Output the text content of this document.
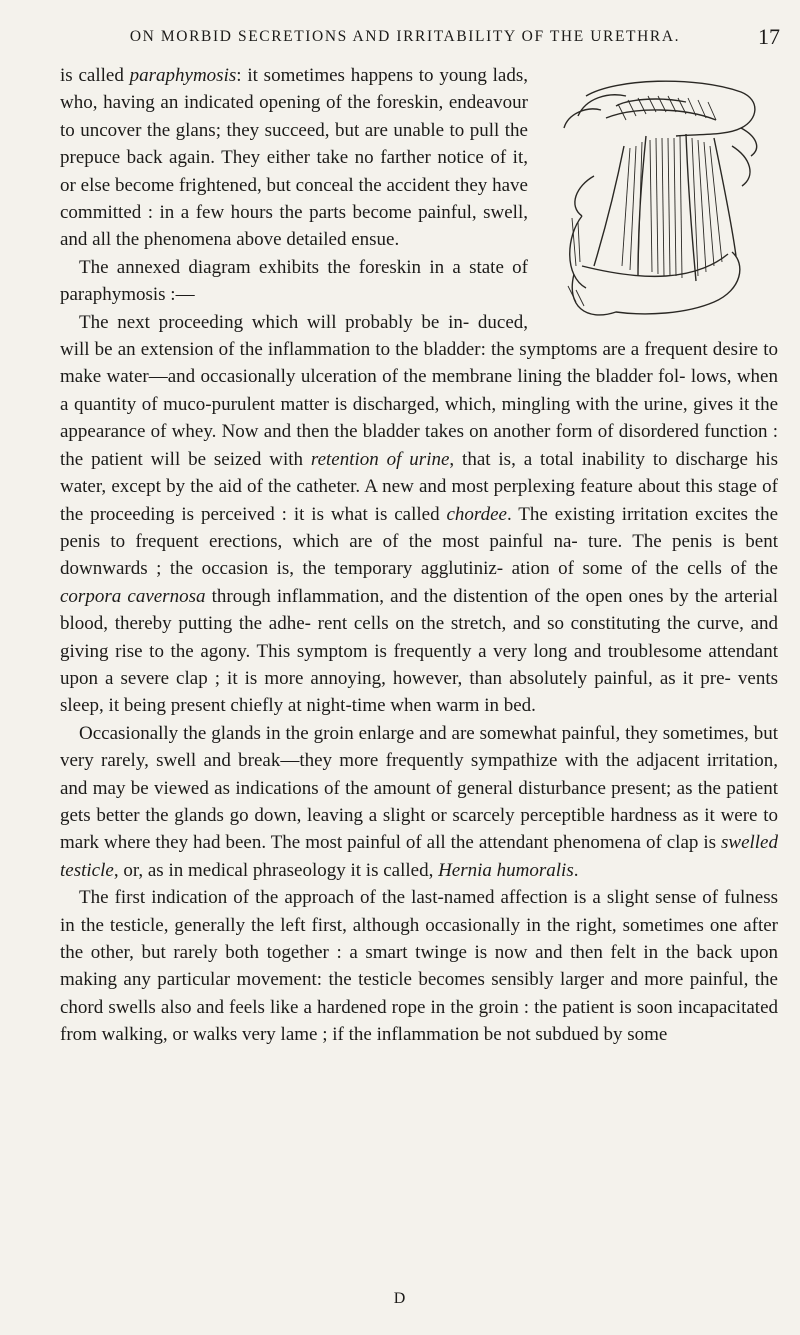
ON MORBID SECRETIONS AND IRRITABILITY OF THE URETHRA.	17

is called paraphymosis: it sometimes happens to young lads, who, having an indicated opening of the foreskin, endeavour to uncover the glans; they succeed, but are unable to pull the prepuce back again. They either take no farther notice of it, or else become frightened, but conceal the accident they have committed : in a few hours the parts become painful, swell, and all the phenomena above detailed ensue.

 The annexed diagram exhibits the foreskin in a state of paraphymosis :—

 The next proceeding which will probably be in- duced, will be an extension of the inflammation to the bladder: the symptoms are a frequent desire to make water—and occasionally ulceration of the membrane lining the bladder fol- lows, when a quantity of muco-purulent matter is discharged, which, mingling with the urine, gives it the appearance of whey. Now and then the bladder takes on another form of disordered function : the patient will be seized with retention of urine, that is, a total inability to discharge his water, except by the aid of the catheter. A new and most perplexing feature about this stage of the proceeding is perceived : it is what is called chordee. The existing irritation excites the penis to frequent erections, which are of the most painful na- ture. The penis is bent downwards ; the occasion is, the temporary agglutiniz- ation of some of the cells of the corpora cavernosa through inflammation, and the distention of the open ones by the arterial blood, thereby putting the adhe- rent cells on the stretch, and so constituting the curve, and giving rise to the agony. This symptom is frequently a very long and troublesome attendant upon a severe clap ; it is more annoying, however, than absolutely painful, as it pre- vents sleep, it being present chiefly at night-time when warm in bed.

 Occasionally the glands in the groin enlarge and are somewhat painful, they sometimes, but very rarely, swell and break—they more frequently sympathize with the adjacent irritation, and may be viewed as indications of the amount of general disturbance present; as the patient gets better the glands go down, leaving a slight or scarcely perceptible hardness as it were to mark where they had been. The most painful of all the attendant phenomena of clap is swelled testicle, or, as in medical phraseology it is called, Hernia humoralis.

 The first indication of the approach of the last-named affection is a slight sense of fulness in the testicle, generally the left first, although occasionally in the right, sometimes one after the other, but rarely both together : a smart twinge is now and then felt in the back upon making any particular movement: the testicle becomes sensibly larger and more painful, the chord swells also and feels like a hardened rope in the groin : the patient is soon incapacitated from walking, or walks very lame ; if the inflammation be not subdued by some

D
